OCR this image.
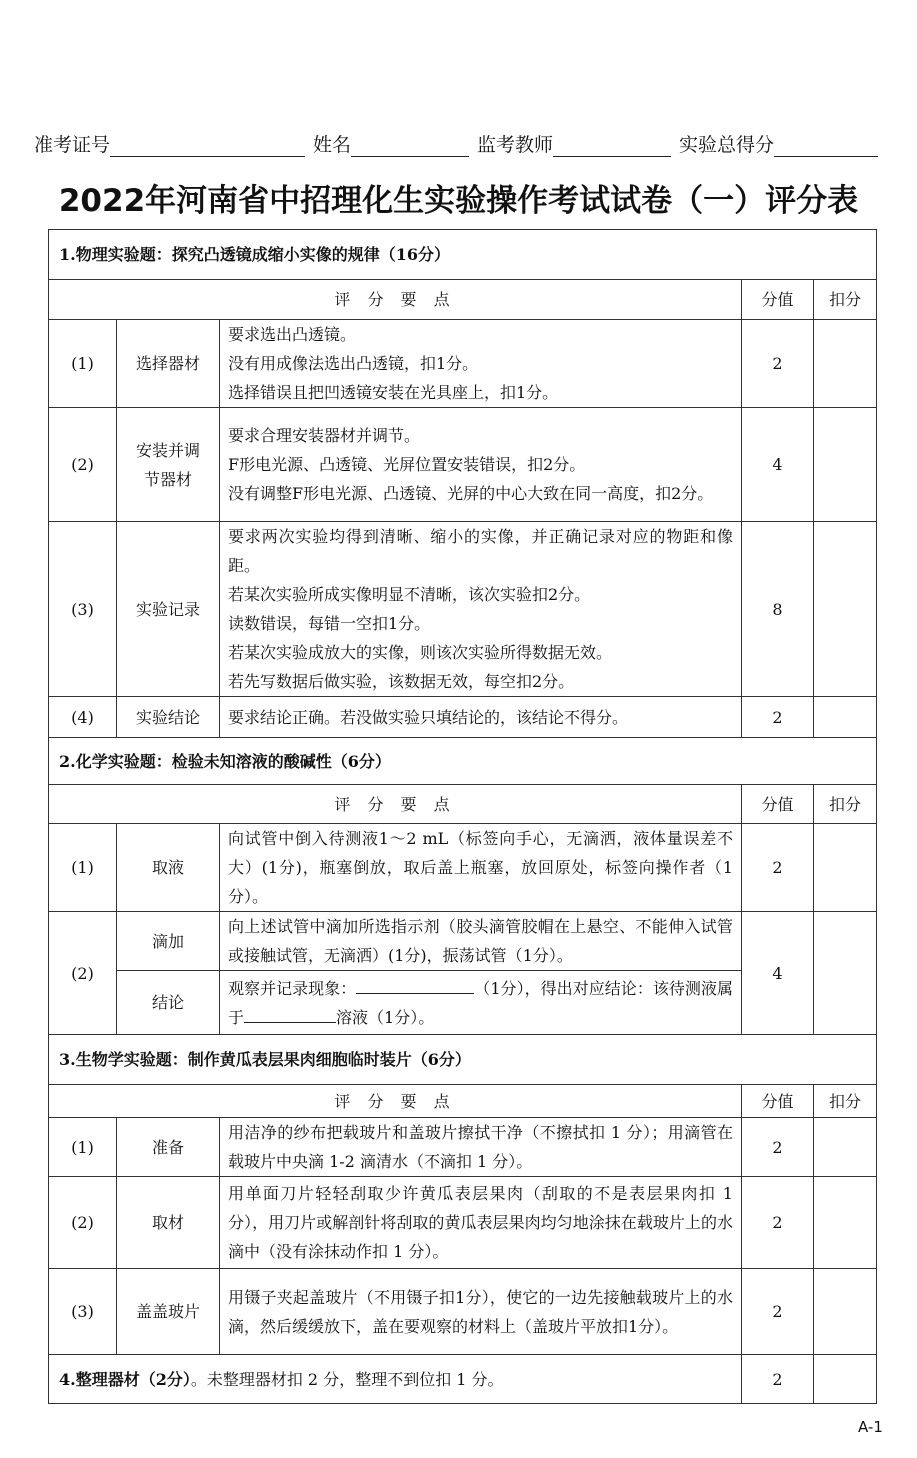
准考证号	姓名	监考教师	实验总得分
2022年河南省中招理化生实验操作考试试卷（一）评分表
1.物理实验题：探究凸透镜成缩小实像的规律（16分）				
评 分 要 点			分值	扣分
(1)	选择器材	要求选出凸透镜。
没有用成像法选出凸透镜，扣1分。
选择错误且把凹透镜安装在光具座上，扣1分。	2	
(2)	安装并调节器材	要求合理安装器材并调节。
F形电光源、凸透镜、光屏位置安装错误，扣2分。
没有调整F形电光源、凸透镜、光屏的中心大致在同一高度，扣2分。	4	
(3)	实验记录	要求两次实验均得到清晰、缩小的实像，并正确记录对应的物距和像距。
若某次实验所成实像明显不清晰，该次实验扣2分。
读数错误，每错一空扣1分。
若某次实验成放大的实像，则该次实验所得数据无效。
若先写数据后做实验，该数据无效，每空扣2分。	8	
(4)	实验结论	要求结论正确。若没做实验只填结论的，该结论不得分。	2	
2.化学实验题：检验未知溶液的酸碱性（6分）				
评 分 要 点			分值	扣分
(1)	取液	向试管中倒入待测液1～2 mL（标签向手心，无滴洒，液体量误差不大）(1分)，瓶塞倒放，取后盖上瓶塞，放回原处，标签向操作者（1分）。	2	
(2)	滴加	向上述试管中滴加所选指示剂（胶头滴管胶帽在上悬空、不能伸入试管或接触试管，无滴洒）(1分)，振荡试管（1分）。	4	
	结论	观察并记录现象： （1分），得出对应结论：该待测液属于 溶液（1分）。		

3.生物学实验题：制作黄瓜表层果肉细胞临时装片（6分）				
评 分 要 点			分值	扣分
(1)	准备	用洁净的纱布把载玻片和盖玻片擦拭干净（不擦拭扣 1 分）；用滴管在载玻片中央滴 1-2 滴清水（不滴扣 1 分）。	2	
(2)	取材	用单面刀片轻轻刮取少许黄瓜表层果肉（刮取的不是表层果肉扣 1 分），用刀片或解剖针将刮取的黄瓜表层果肉均匀地涂抹在载玻片上的水滴中（没有涂抹动作扣 1 分）。	2	
(3)	盖盖玻片	用镊子夹起盖玻片（不用镊子扣1分），使它的一边先接触载玻片上的水滴，然后缓缓放下，盖在要观察的材料上（盖玻片平放扣1分）。	2	
4.整理器材（2分）。未整理器材扣 2 分，整理不到位扣 1 分。			2	
A-1
